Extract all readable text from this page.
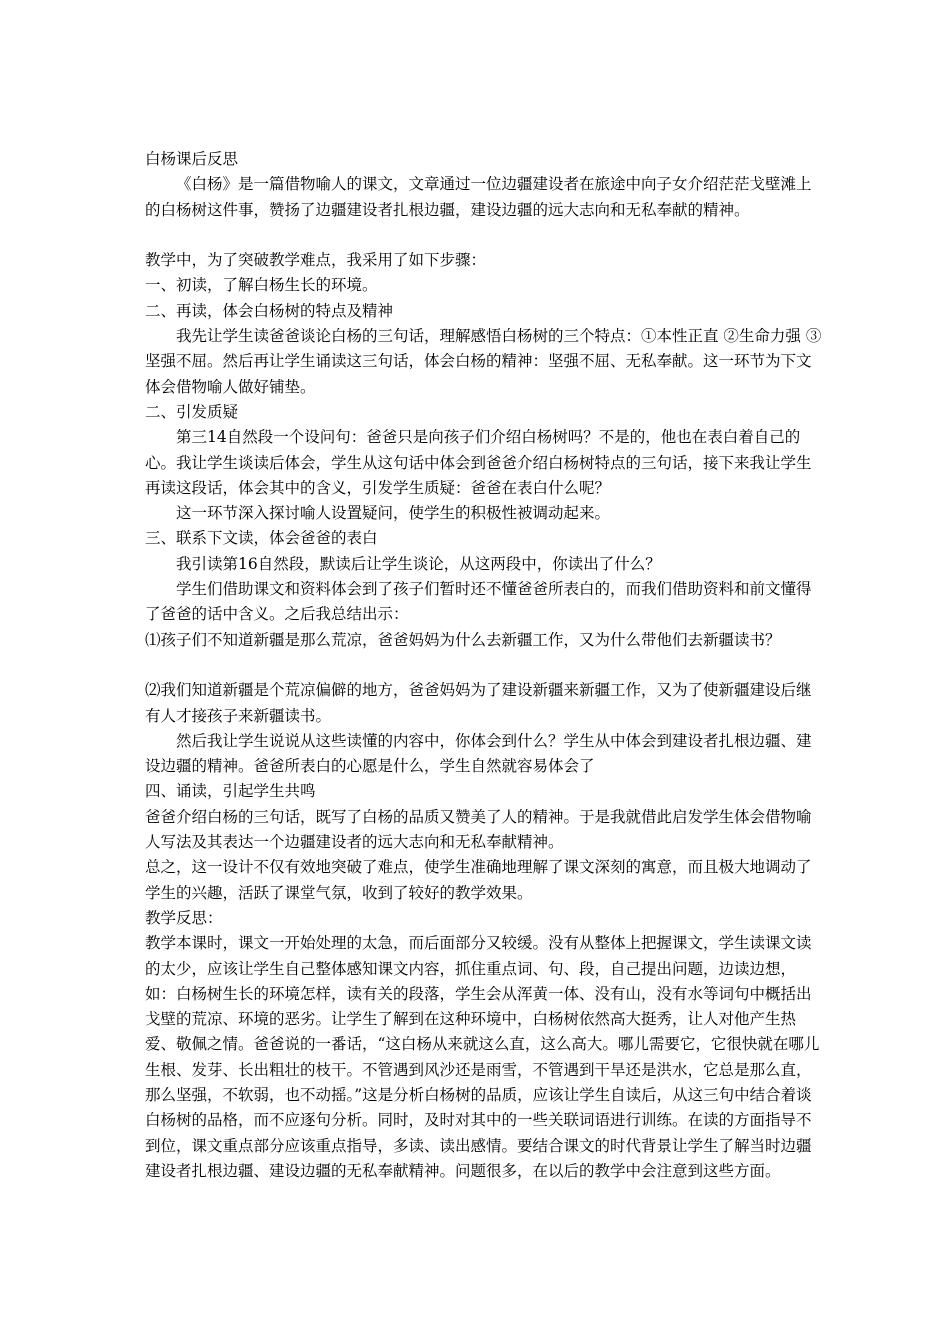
白杨课后反思

《白杨》是一篇借物喻人的课文，文章通过一位边疆建设者在旅途中向子女介绍茫茫戈壁滩上的白杨树这件事，赞扬了边疆建设者扎根边疆，建设边疆的远大志向和无私奉献的精神。

教学中，为了突破教学难点，我采用了如下步骤：

一、初读，了解白杨生长的环境。

二、再读，体会白杨树的特点及精神

我先让学生读爸爸谈论白杨的三句话，理解感悟白杨树的三个特点：①本性正直 ②生命力强 ③坚强不屈。然后再让学生诵读这三句话，体会白杨的精神：坚强不屈、无私奉献。这一环节为下文体会借物喻人做好铺垫。

二、引发质疑

第三14自然段一个设问句：爸爸只是向孩子们介绍白杨树吗？不是的，他也在表白着自己的心。我让学生谈读后体会，学生从这句话中体会到爸爸介绍白杨树特点的三句话，接下来我让学生再读这段话，体会其中的含义，引发学生质疑：爸爸在表白什么呢？

这一环节深入探讨喻人设置疑问，使学生的积极性被调动起来。

三、联系下文读，体会爸爸的表白

我引读第16自然段，默读后让学生谈论，从这两段中，你读出了什么？

学生们借助课文和资料体会到了孩子们暂时还不懂爸爸所表白的，而我们借助资料和前文懂得了爸爸的话中含义。之后我总结出示：

⑴孩子们不知道新疆是那么荒凉，爸爸妈妈为什么去新疆工作，又为什么带他们去新疆读书？

⑵我们知道新疆是个荒凉偏僻的地方，爸爸妈妈为了建设新疆来新疆工作，又为了使新疆建设后继有人才接孩子来新疆读书。

然后我让学生说说从这些读懂的内容中，你体会到什么？学生从中体会到建设者扎根边疆、建设边疆的精神。爸爸所表白的心愿是什么，学生自然就容易体会了

四、诵读，引起学生共鸣

爸爸介绍白杨的三句话，既写了白杨的品质又赞美了人的精神。于是我就借此启发学生体会借物喻人写法及其表达一个边疆建设者的远大志向和无私奉献精神。

总之，这一设计不仅有效地突破了难点，使学生准确地理解了课文深刻的寓意，而且极大地调动了学生的兴趣，活跃了课堂气氛，收到了较好的教学效果。

教学反思：

教学本课时，课文一开始处理的太急，而后面部分又较缓。没有从整体上把握课文，学生读课文读的太少，应该让学生自己整体感知课文内容，抓住重点词、句、段，自己提出问题，边读边想，如：白杨树生长的环境怎样，读有关的段落，学生会从浑黄一体、没有山，没有水等词句中概括出戈壁的荒凉、环境的恶劣。让学生了解到在这种环境中，白杨树依然高大挺秀，让人对他产生热爱、敬佩之情。爸爸说的一番话，“这白杨从来就这么直，这么高大。哪儿需要它，它很快就在哪儿生根、发芽、长出粗壮的枝干。不管遇到风沙还是雨雪，不管遇到干旱还是洪水，它总是那么直，那么坚强，不软弱，也不动摇。”这是分析白杨树的品质，应该让学生自读后，从这三句中结合着谈白杨树的品格，而不应逐句分析。同时，及时对其中的一些关联词语进行训练。在读的方面指导不到位，课文重点部分应该重点指导，多读、读出感情。要结合课文的时代背景让学生了解当时边疆建设者扎根边疆、建设边疆的无私奉献精神。问题很多，在以后的教学中会注意到这些方面。
